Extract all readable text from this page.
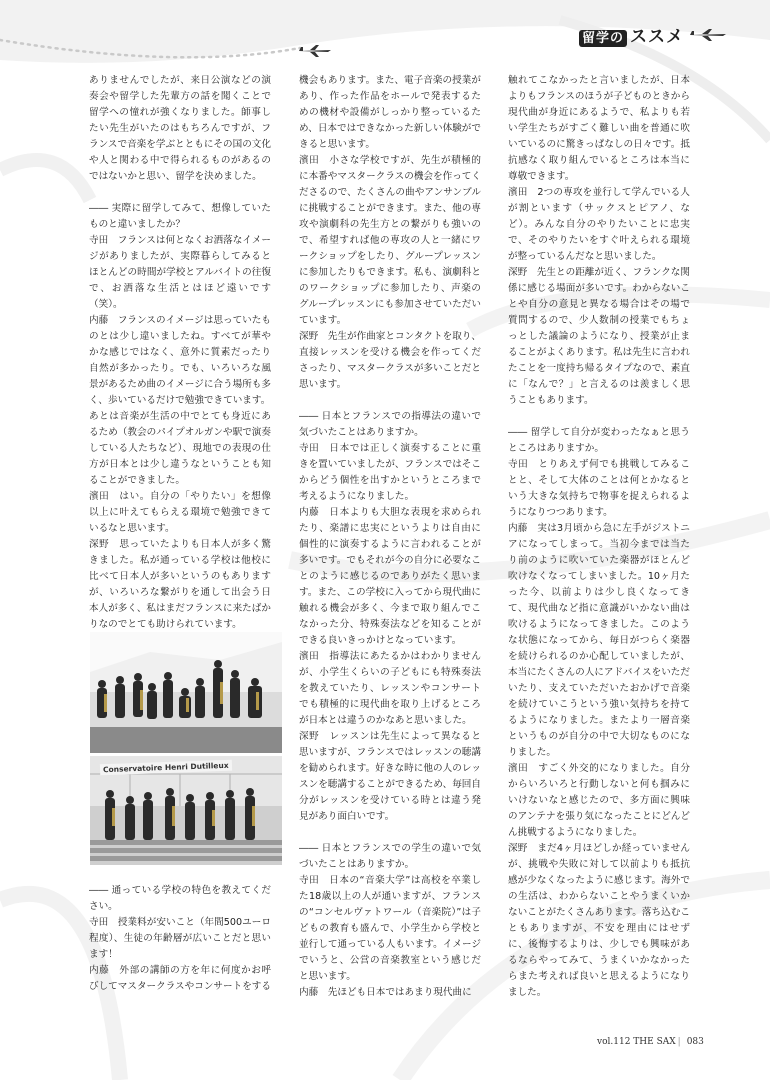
留学の ススメ

ありませんでしたが、来日公演などの演奏会や留学した先輩方の話を聞くことで留学への憧れが強くなりました。師事したい先生がいたのはもちろんですが、フランスで音楽を学ぶとともにその国の文化や人と関わる中で得られるものがあるのではないかと思い、留学を決めました。

―― 実際に留学してみて、想像していたものと違いましたか？

寺田　フランスは何となくお洒落なイメージがありましたが、実際暮らしてみるとほとんどの時間が学校とアルバイトの往復で、お洒落な生活とはほど遠いです（笑）。

内藤　フランスのイメージは思っていたものとは少し違いましたね。すべてが華やかな感じではなく、意外に質素だったり自然が多かったり。でも、いろいろな風景があるため曲のイメージに合う場所も多く、歩いているだけで勉強できています。

あとは音楽が生活の中でとても身近にあるため（教会のパイプオルガンや駅で演奏している人たちなど）、現地での表現の仕方が日本とは少し違うなということも知ることができました。

濱田　はい。自分の「やりたい」を想像以上に叶えてもらえる環境で勉強できているなと思います。

深野　思っていたよりも日本人が多く驚きました。私が通っている学校は他校に比べて日本人が多いというのもありますが、いろいろな繋がりを通して出会う日本人が多く、私はまだフランスに来たばかりなのでとても助けられています。

Conservatoire Henri Dutilleux

―― 通っている学校の特色を教えてください。

寺田　授業料が安いこと（年間500ユーロ程度）、生徒の年齢層が広いことだと思います！

内藤　外部の講師の方を年に何度かお呼びしてマスタークラスやコンサートをする

機会もあります。また、電子音楽の授業があり、作った作品をホールで発表するための機材や設備がしっかり整っているため、日本ではできなかった新しい体験ができると思います。

濱田　小さな学校ですが、先生が積極的に本番やマスタークラスの機会を作ってくださるので、たくさんの曲やアンサンブルに挑戦することができます。また、他の専攻や演劇科の先生方との繋がりも強いので、希望すれば他の専攻の人と一緒にワークショップをしたり、グループレッスンに参加したりもできます。私も、演劇科とのワークショップに参加したり、声楽のグループレッスンにも参加させていただいています。

深野　先生が作曲家とコンタクトを取り、直接レッスンを受ける機会を作ってくださったり、マスタークラスが多いことだと思います。

―― 日本とフランスでの指導法の違いで気づいたことはありますか。

寺田　日本では正しく演奏することに重きを置いていましたが、フランスではそこからどう個性を出すかというところまで考えるようになりました。

内藤　日本よりも大胆な表現を求められたり、楽譜に忠実にというよりは自由に個性的に演奏するように言われることが多いです。でもそれが今の自分に必要なことのように感じるのでありがたく思います。また、この学校に入ってから現代曲に触れる機会が多く、今まで取り組んでこなかった分、特殊奏法などを知ることができる良いきっかけとなっています。

濱田　指導法にあたるかはわかりませんが、小学生くらいの子どもにも特殊奏法を教えていたり、レッスンやコンサートでも積極的に現代曲を取り上げるところが日本とは違うのかなあと思いました。

深野　レッスンは先生によって異なると思いますが、フランスではレッスンの聴講を勧められます。好きな時に他の人のレッスンを聴講することができるため、毎回自分がレッスンを受けている時とは違う発見があり面白いです。

―― 日本とフランスでの学生の違いで気づいたことはありますか。

寺田　日本の“音楽大学”は高校を卒業した18歳以上の人が通いますが、フランスの“コンセルヴァトワール（音楽院）”は子どもの教育も盛んで、小学生から学校と並行して通っている人もいます。イメージでいうと、公営の音楽教室という感じだと思います。

内藤　先ほども日本ではあまり現代曲に

触れてこなかったと言いましたが、日本よりもフランスのほうが子どものときから現代曲が身近にあるようで、私よりも若い学生たちがすごく難しい曲を普通に吹いているのに驚きっぱなしの日々です。抵抗感なく取り組んでいるところは本当に尊敬できます。

濱田　2つの専攻を並行して学んでいる人が割といます（サックスとピアノ、など）。みんな自分のやりたいことに忠実で、そのやりたいをすぐ叶えられる環境が整っているんだなと思いました。

深野　先生との距離が近く、フランクな関係に感じる場面が多いです。わからないことや自分の意見と異なる場合はその場で質問するので、少人数制の授業でもちょっとした議論のようになり、授業が止まることがよくあります。私は先生に言われたことを一度持ち帰るタイプなので、素直に「なんで？」と言えるのは羨ましく思うこともあります。

―― 留学して自分が変わったなぁと思うところはありますか。

寺田　とりあえず何でも挑戦してみることと、そして大体のことは何とかなるという大きな気持ちで物事を捉えられるようになりつつあります。

内藤　実は3月頃から急に左手がジストニアになってしまって。当初今までは当たり前のように吹いていた楽器がほとんど吹けなくなってしまいました。10ヶ月たった今、以前よりは少し良くなってきて、現代曲など指に意識がいかない曲は吹けるようになってきました。このような状態になってから、毎日がつらく楽器を続けられるのか心配していましたが、本当にたくさんの人にアドバイスをいただいたり、支えていただいたおかげで音楽を続けていこうという強い気持ちを持てるようになりました。またより一層音楽というものが自分の中で大切なものになりました。

濱田　すごく外交的になりました。自分からいろいろと行動しないと何も掴みにいけないなと感じたので、多方面に興味のアンテナを張り気になったことにどんどん挑戦するようになりました。

深野　まだ4ヶ月ほどしか経っていませんが、挑戦や失敗に対して以前よりも抵抗感が少なくなったように感じます。海外での生活は、わからないことやうまくいかないことがたくさんあります。落ち込むこともありますが、不安を理由にはせずに、後悔するよりは、少しでも興味があるならやってみて、うまくいかなかったらまた考えれば良いと思えるようになりました。

vol.112 THE SAX | 083
